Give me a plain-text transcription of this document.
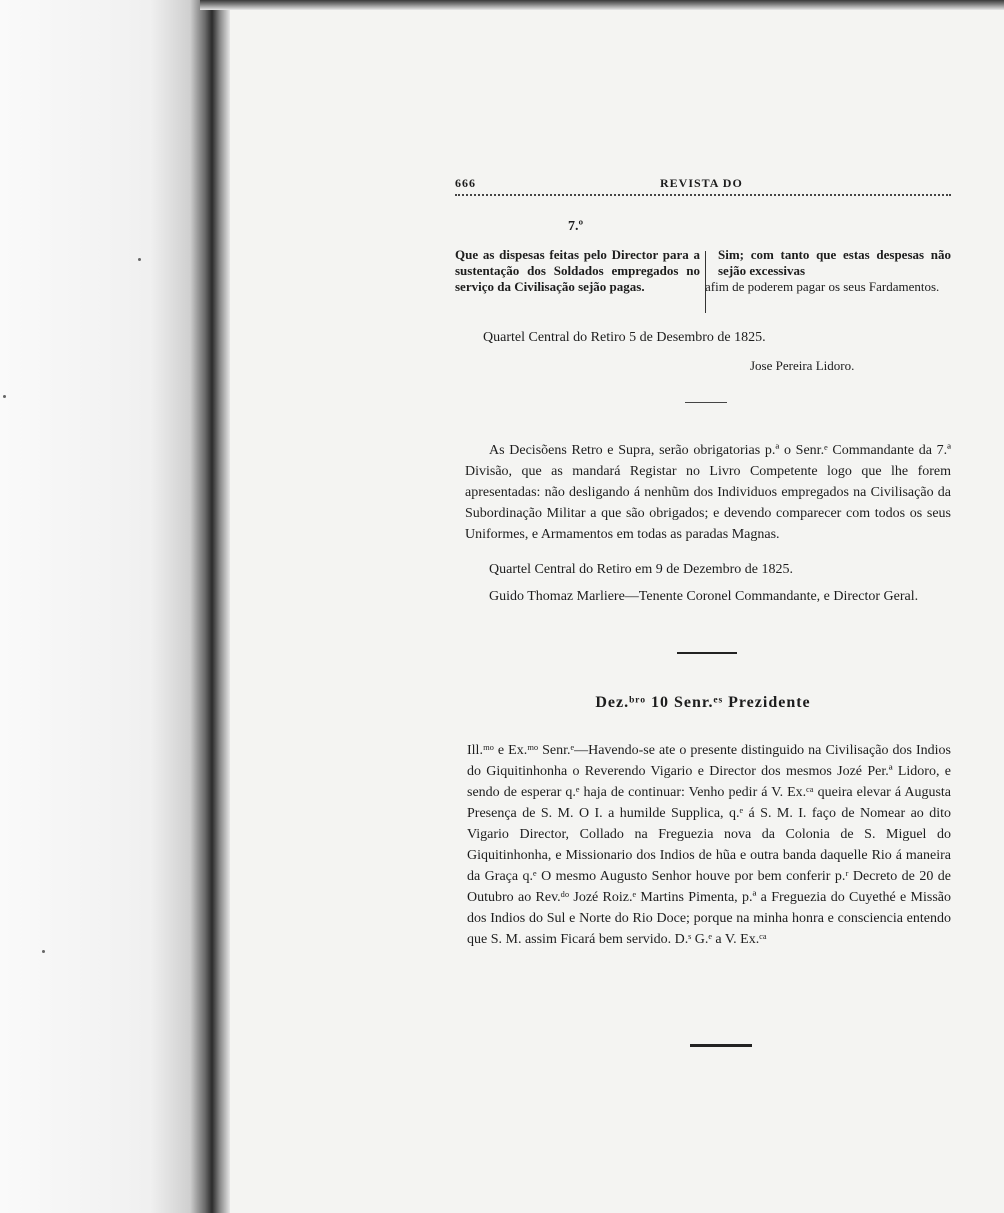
666	REVISTA DO
7.º
Que as dispesas feitas pelo Director para a sustentação dos Soldados empregados no serviço da Civilisação sejão pagas.
Sim; com tanto que estas despesas não sejão excessivas
afim de poderem pagar os seus Fardamentos.
Quartel Central do Retiro 5 de Desembro de 1825.
Jose Pereira Lidoro.
As Decisõens Retro e Supra, serão obrigatorias p.ª o Senr.ᵉ Commandante da 7.ª Divisão, que as mandará Registar no Livro Competente logo que lhe forem apresentadas: não desligando á nenhũm dos Individuos empregados na Civilisação da Subordinação Militar a que são obrigados; e devendo comparecer com todos os seus Uniformes, e Armamentos em todas as paradas Magnas.
Quartel Central do Retiro em 9 de Dezembro de 1825.
Guido Thomaz Marliere—Tenente Coronel Commandante, e Director Geral.
Dez.ᵇʳᵒ 10 Senr.ᵉˢ Prezidente
Ill.ᵐᵒ e Ex.ᵐᵒ Senr.ᵉ—Havendo-se ate o presente distinguido na Civilisação dos Indios do Giquitinhonha o Reverendo Vigario e Director dos mesmos Jozé Per.ª Lidoro, e sendo de esperar q.ᵉ haja de continuar: Venho pedir á V. Ex.ᶜᵃ queira elevar á Augusta Presença de S. M. O I. a humilde Supplica, q.ᵉ á S. M. I. faço de Nomear ao dito Vigario Director, Collado na Freguezia nova da Colonia de S. Miguel do Giquitinhonha, e Missionario dos Indios de hũa e outra banda daquelle Rio á maneira da Graça q.ᵉ O mesmo Augusto Senhor houve por bem conferir p.ʳ Decreto de 20 de Outubro ao Rev.ᵈᵒ Jozé Roiz.ᵉ Martins Pimenta, p.ª a Freguezia do Cuyethé e Missão dos Indios do Sul e Norte do Rio Doce; porque na minha honra e consciencia entendo que S. M. assim Ficará bem servido. D.ˢ G.ᵉ a V. Ex.ᶜᵃ
